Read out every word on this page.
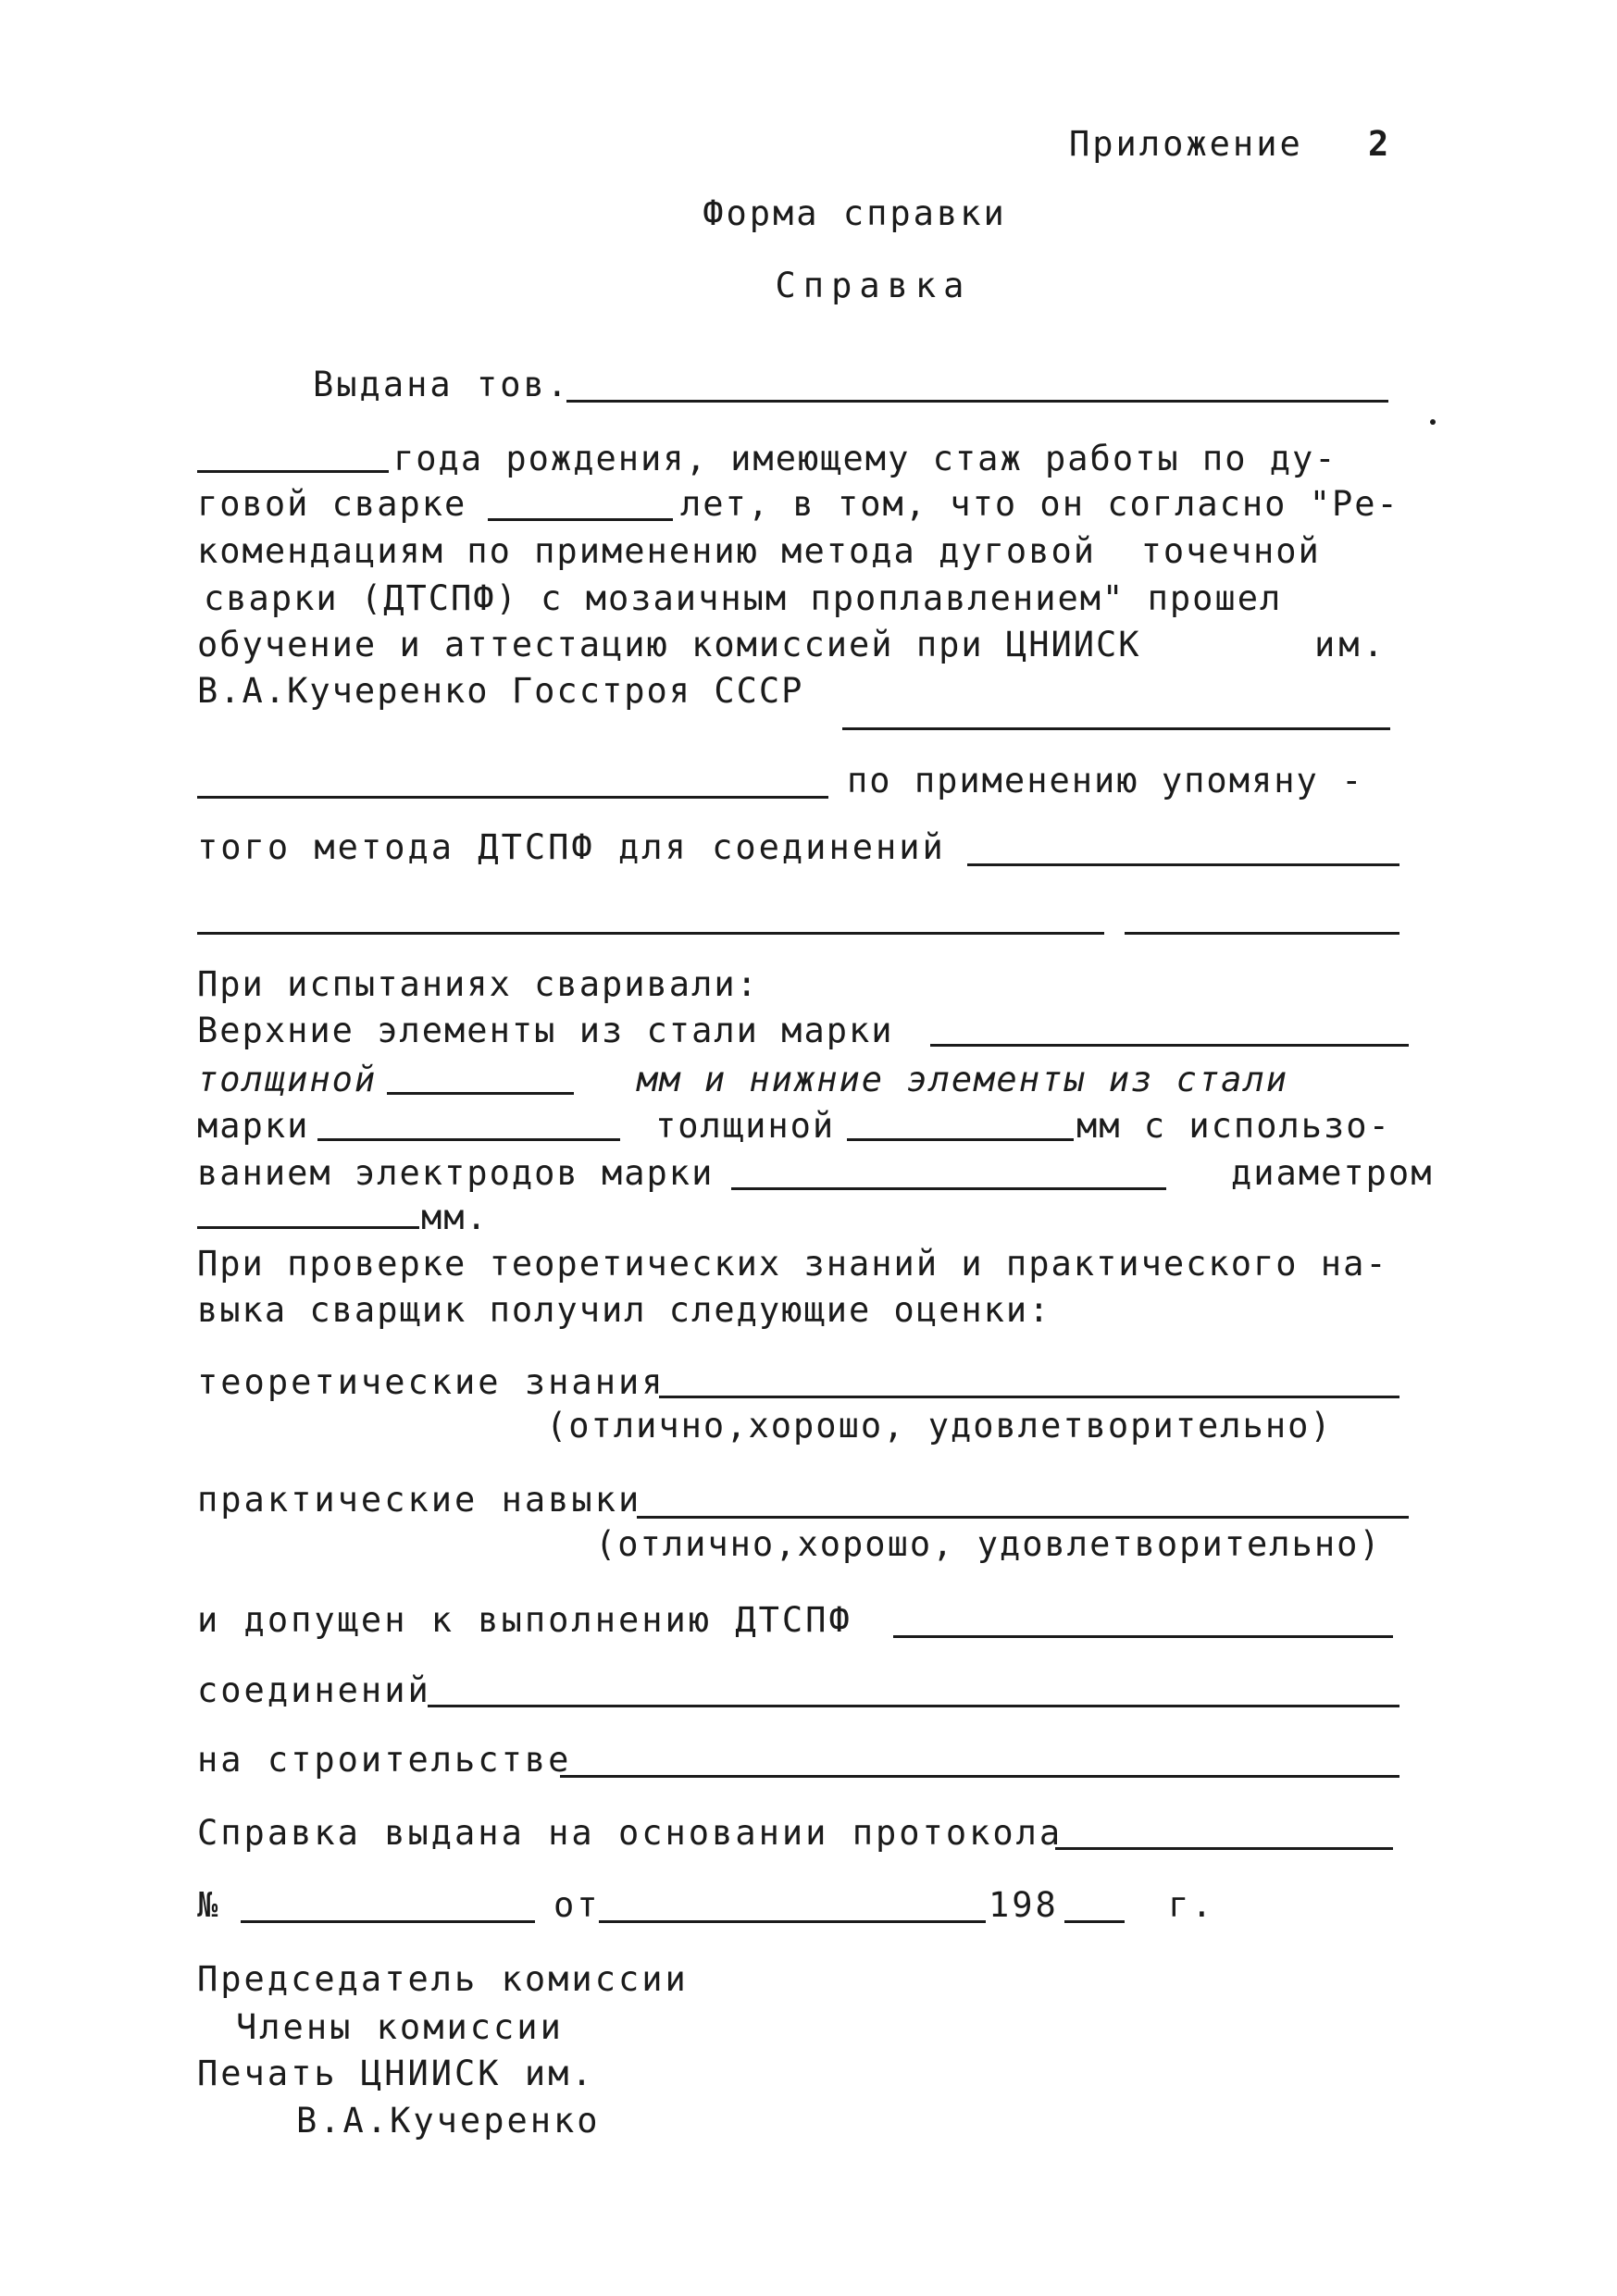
Приложение 2
Форма справки
Справка
Выдана тов.
года рождения, имеющему стаж работы по ду-
говой сварке	лет, в том, что он согласно "Ре-
комендациям по применению метода дуговой  точечной
сварки (ДТСПФ) с мозаичным проплавлением" прошел
обучение и аттестацию комиссией при ЦНИИСК	им.
В.А.Кучеренко Госстроя СССР
по применению упомяну -
того метода ДТСПФ для соединений
При испытаниях сваривали:
Верхние элементы из стали марки
толщиной	мм и нижние элементы из стали
марки	толщиной	мм с использо-
ванием электродов марки	диаметром
мм.
При проверке теоретических знаний и практического на-
выка сварщик получил следующие оценки:
теоретические знания
(отлично,хорошо, удовлетворительно)
практические навыки
(отлично,хорошо, удовлетворительно)
и допущен к выполнению ДТСПФ
соединений
на строительстве
Справка выдана на основании протокола
№	от	198	г.
Председатель комиссии
Члены комиссии
Печать ЦНИИСК им.
В.А.Кучеренко
